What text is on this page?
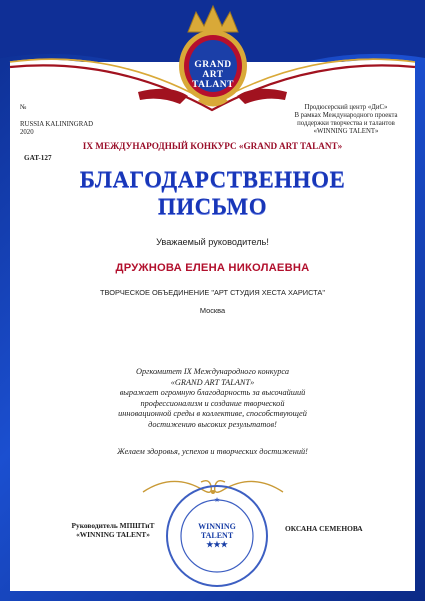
GRAND
ART
TALANT
№
RUSSIA KALININGRAD
2020
Продюсерский центр «ДиС»
В рамках Международного проекта
поддержки творчества и талантов
«WINNING TALENT»
IX МЕЖДУНАРОДНЫЙ КОНКУРС «GRAND ART TALANT»
GAT-127
БЛАГОДАРСТВЕННОЕ
ПИСЬМО
Уважаемый руководитель!
ДРУЖНОВА ЕЛЕНА НИКОЛАЕВНА
ТВОРЧЕСКОЕ ОБЪЕДИНЕНИЕ "АРТ СТУДИЯ ХЕСТА ХАРИСТА"
Москва
Оргкомитет IX Международного конкурса
«GRAND ART TALANT»
выражает огромную благодарность за высочайший
профессионализм и создание творческой
инновационной среды в коллективе, способствующей
достижению высоких результатов!
Желаем здоровья, успехов и творческих достижений!
★
WINNING
TALENT
★★★
Руководитель МПШТиТ
«WINNING TALENT»
ОКСАНА СЕМЕНОВА
